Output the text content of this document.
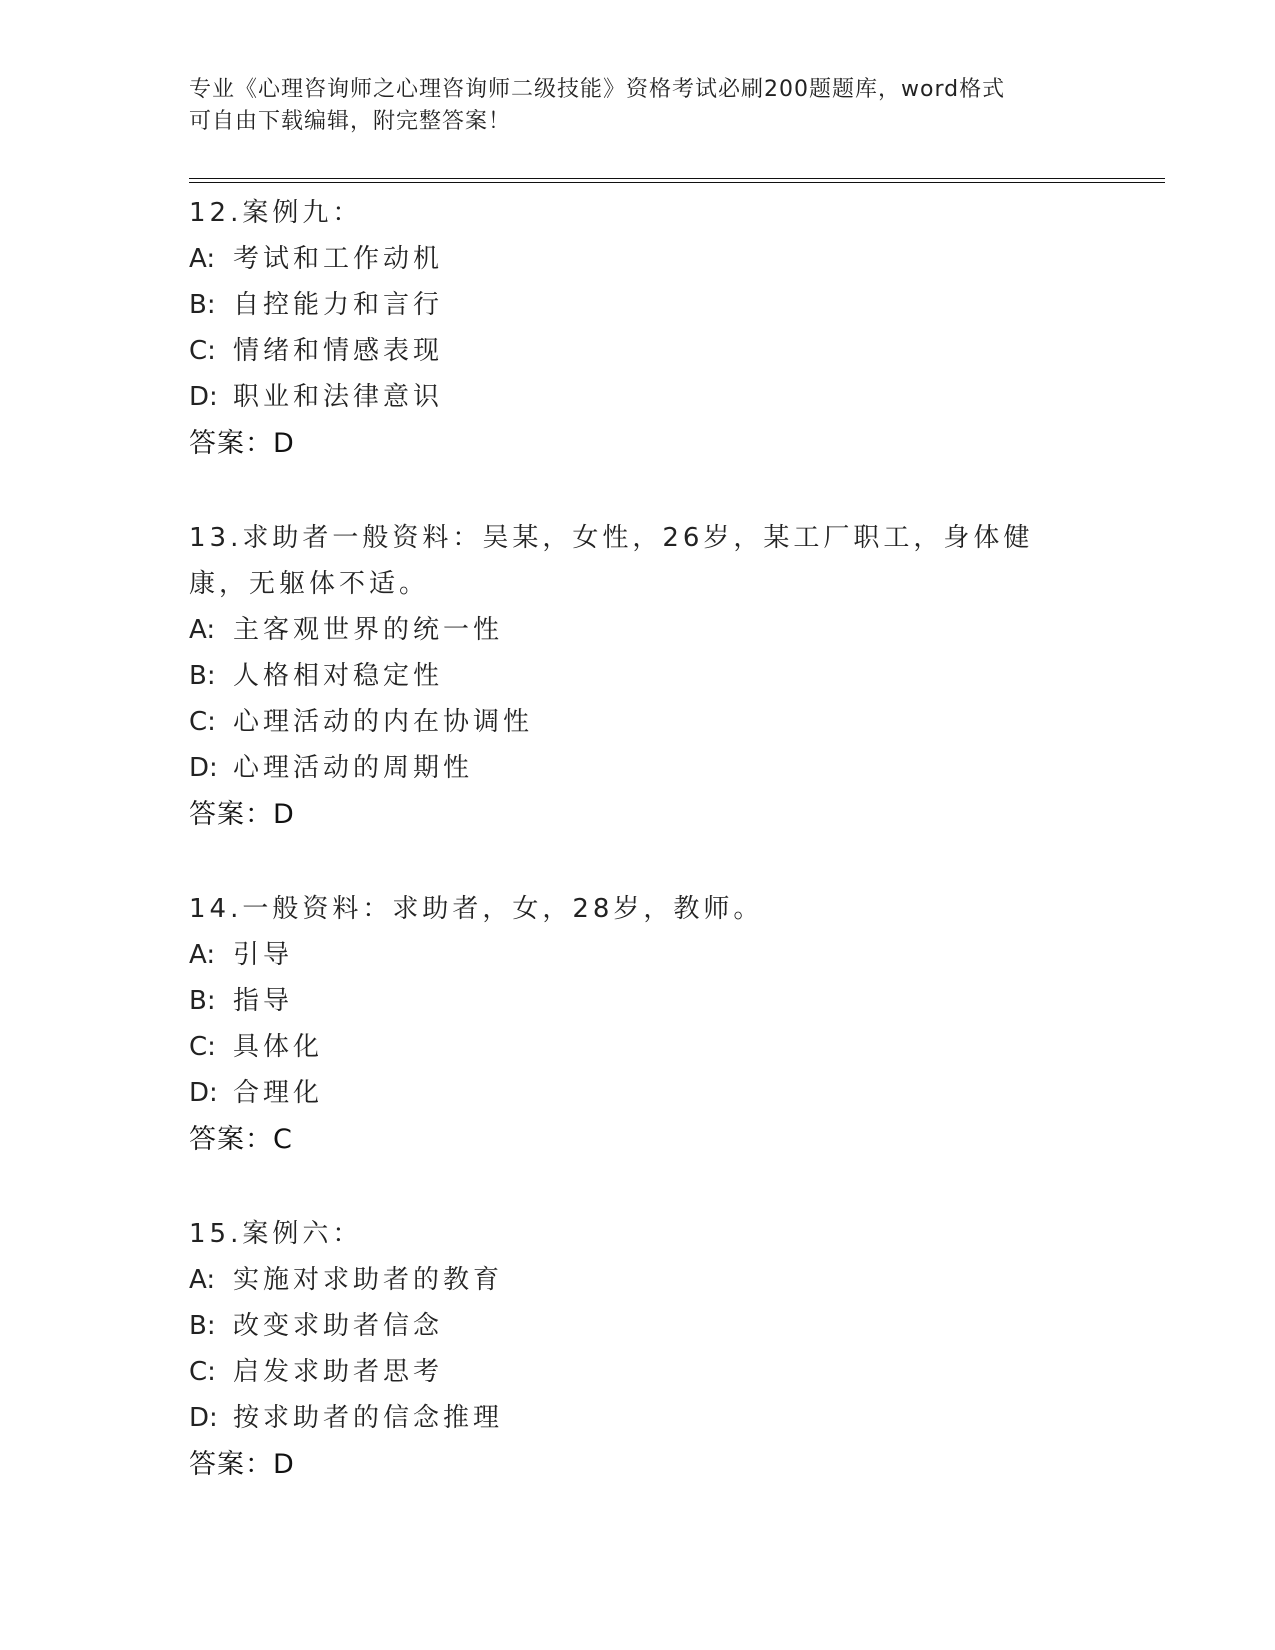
专业《心理咨询师之心理咨询师二级技能》资格考试必刷200题题库，word格式
可自由下载编辑，附完整答案！
12.案例九：
A: 考试和工作动机
B: 自控能力和言行
C: 情绪和情感表现
D: 职业和法律意识
答案：D
13.求助者一般资料：吴某，女性，26岁，某工厂职工，身体健康，无躯体不适。
A: 主客观世界的统一性
B: 人格相对稳定性
C: 心理活动的内在协调性
D: 心理活动的周期性
答案：D
14.一般资料：求助者，女，28岁，教师。
A: 引导
B: 指导
C: 具体化
D: 合理化
答案：C
15.案例六：
A: 实施对求助者的教育
B: 改变求助者信念
C: 启发求助者思考
D: 按求助者的信念推理
答案：D
